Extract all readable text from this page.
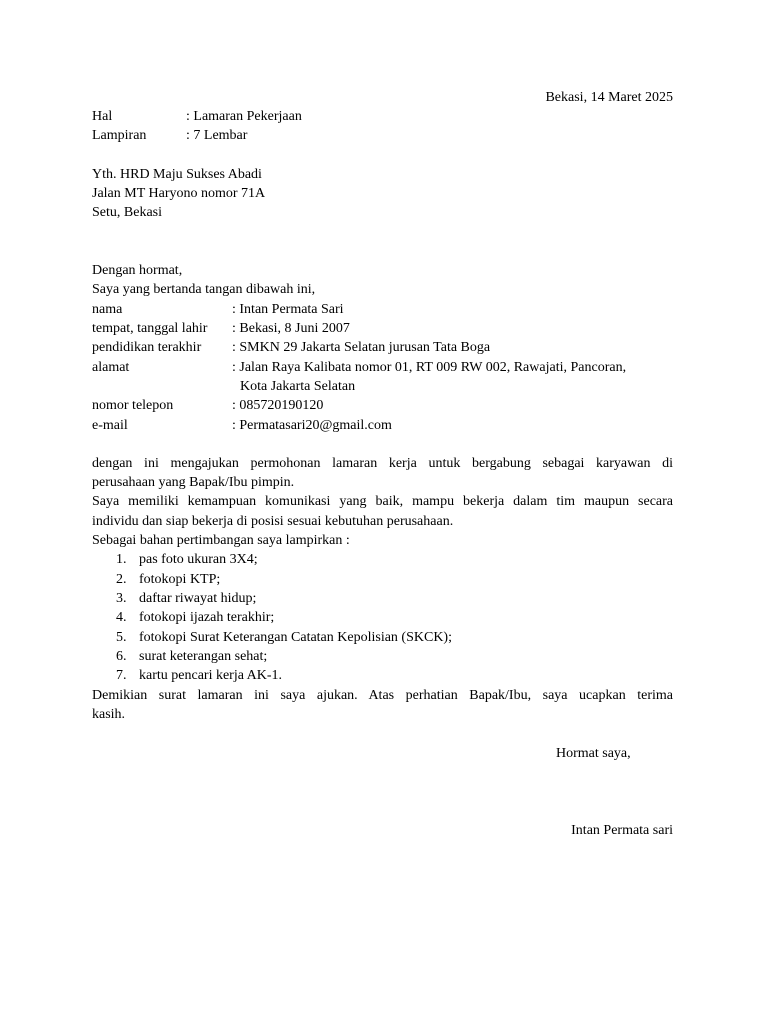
Bekasi, 14 Maret 2025
Hal	: Lamaran Pekerjaan
Lampiran	: 7 Lembar
Yth. HRD Maju Sukses Abadi
Jalan MT Haryono nomor 71A
Setu, Bekasi
Dengan hormat,
Saya yang bertanda tangan dibawah ini,
nama	: Intan Permata Sari
tempat, tanggal lahir : Bekasi, 8 Juni 2007
pendidikan terakhir : SMKN 29 Jakarta Selatan jurusan Tata Boga
alamat	: Jalan Raya Kalibata nomor 01, RT 009 RW 002, Rawajati, Pancoran,
Kota Jakarta Selatan
nomor telepon	: 085720190120
e-mail	: Permatasari20@gmail.com
dengan ini mengajukan permohonan lamaran kerja untuk bergabung sebagai karyawan di
perusahaan yang Bapak/Ibu pimpin.
Saya memiliki kemampuan komunikasi yang baik, mampu bekerja dalam tim maupun secara
individu dan siap bekerja di posisi sesuai kebutuhan perusahaan.
Sebagai bahan pertimbangan saya lampirkan :
1. pas foto ukuran 3X4;
2. fotokopi KTP;
3. daftar riwayat hidup;
4. fotokopi ijazah terakhir;
5. fotokopi Surat Keterangan Catatan Kepolisian (SKCK);
6. surat keterangan sehat;
7. kartu pencari kerja AK-1.
Demikian surat lamaran ini saya ajukan. Atas perhatian Bapak/Ibu, saya ucapkan terima
kasih.
Hormat saya,
Intan Permata sari
